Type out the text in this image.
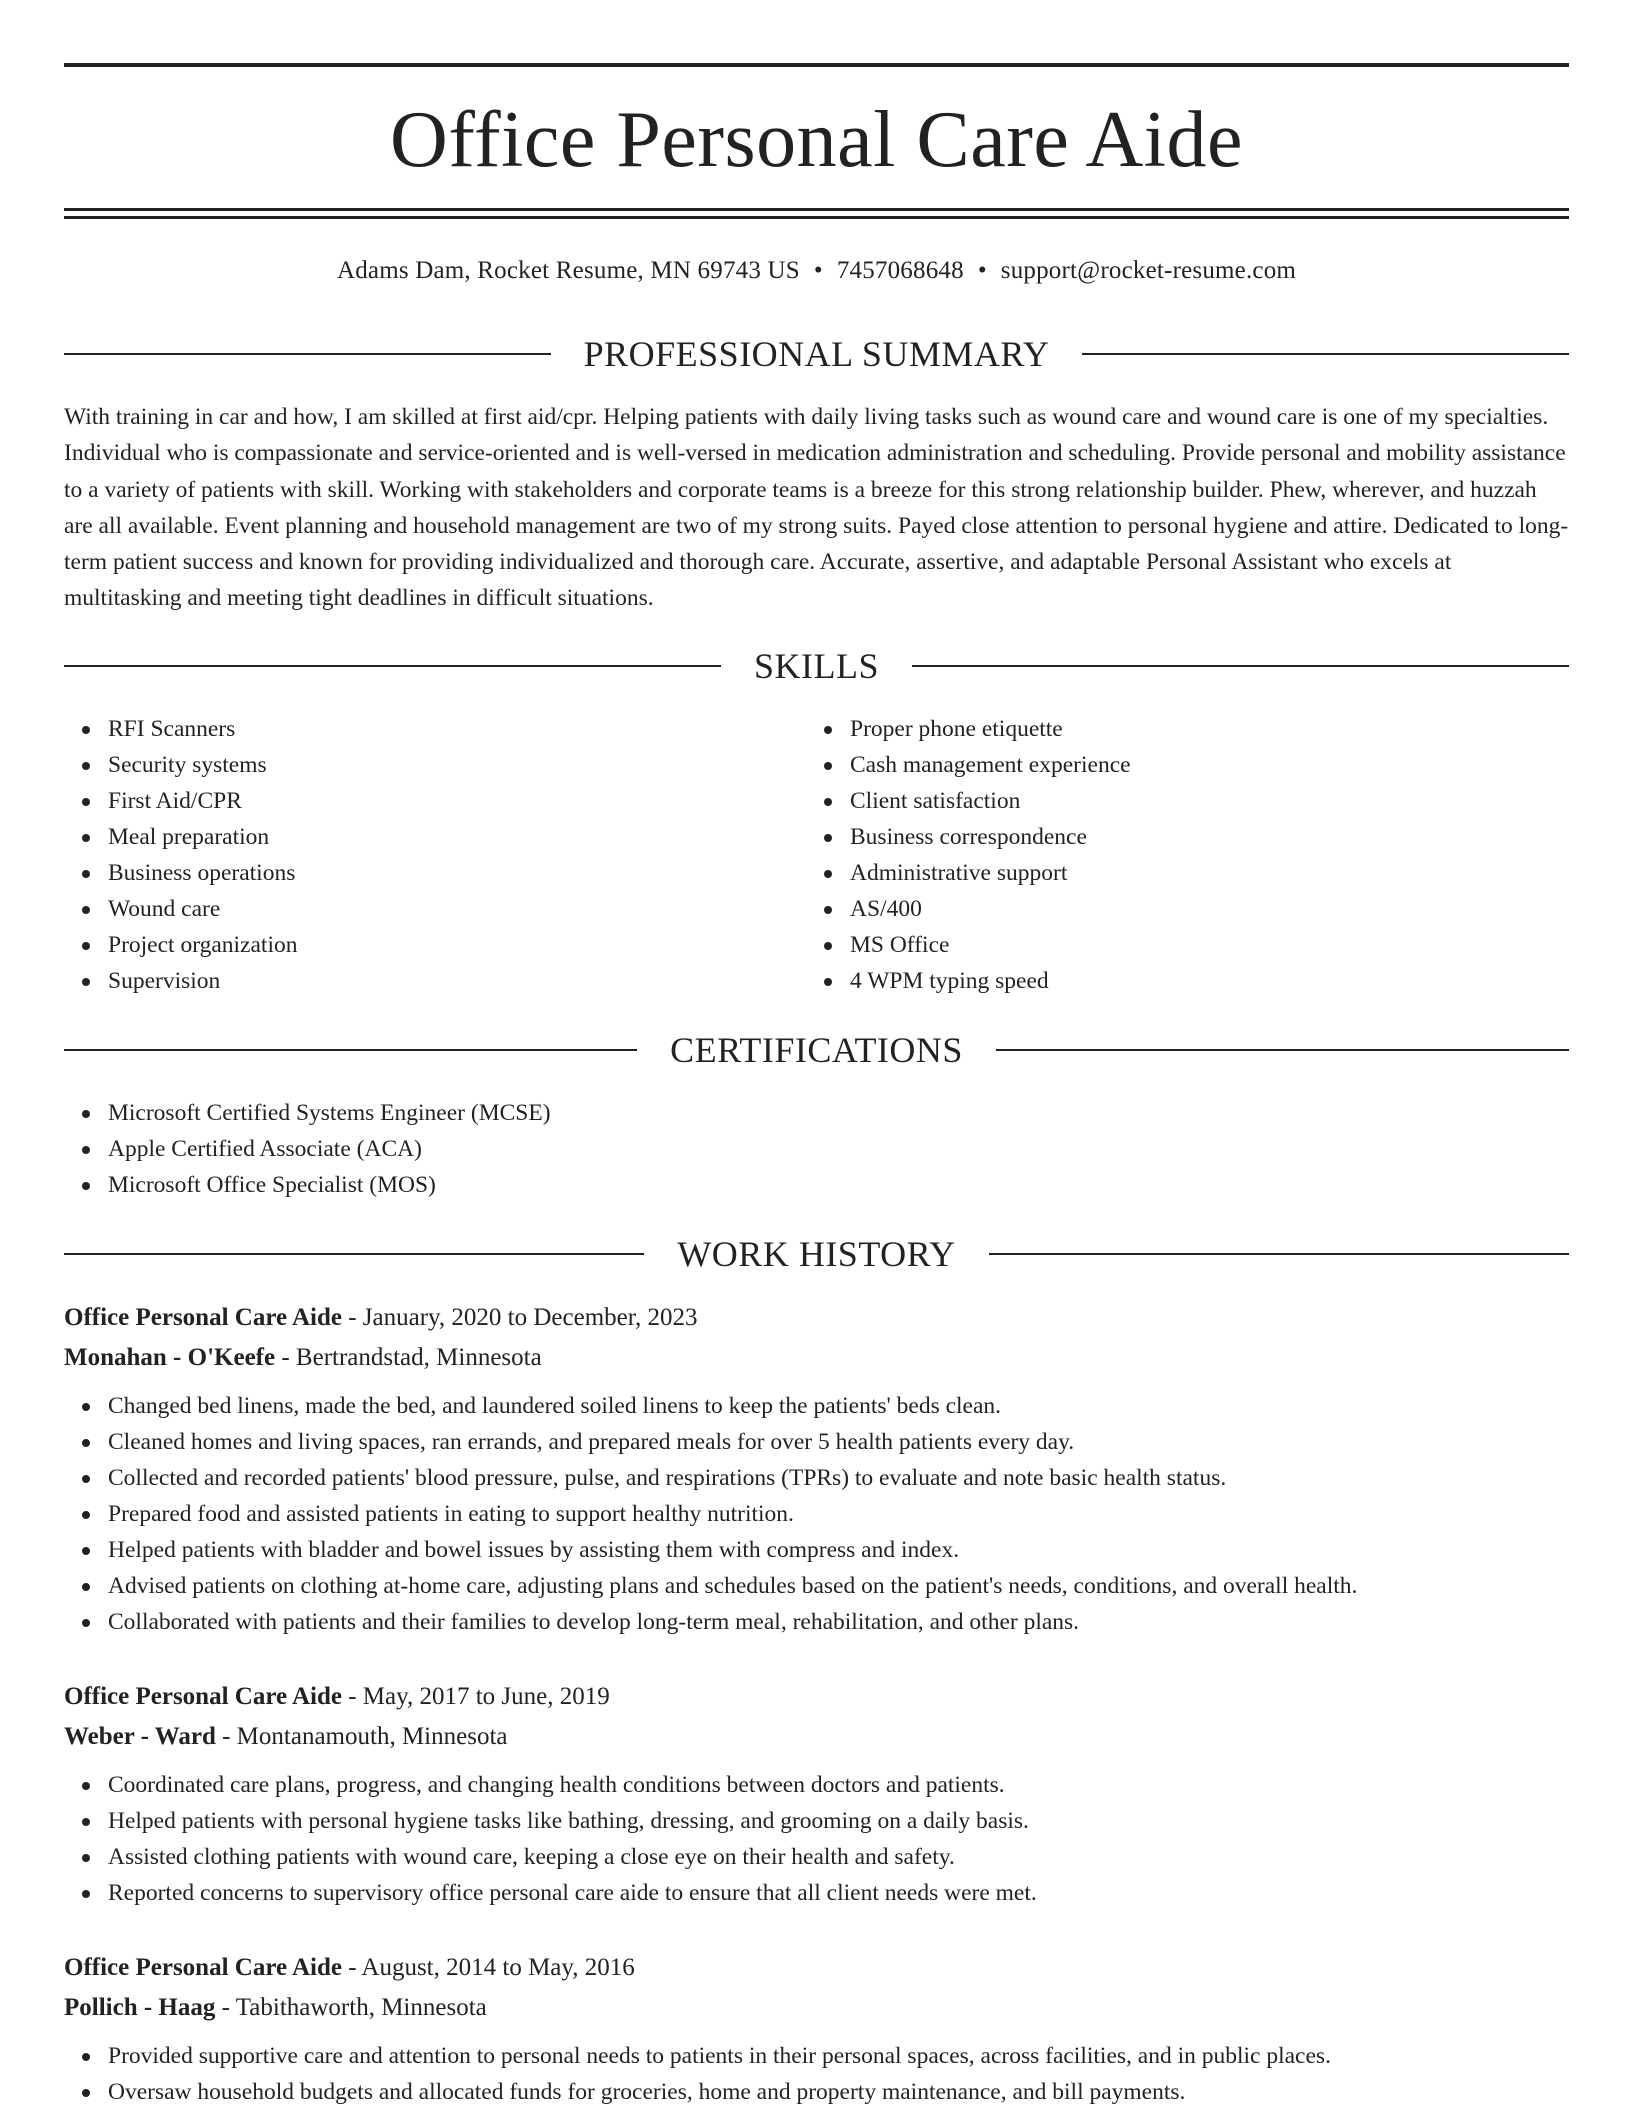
Office Personal Care Aide
Adams Dam, Rocket Resume, MN 69743 US • 7457068648 • support@rocket-resume.com
PROFESSIONAL SUMMARY

With training in car and how, I am skilled at first aid/cpr. Helping patients with daily living tasks such as wound care and wound care is one of my specialties. Individual who is compassionate and service-oriented and is well-versed in medication administration and scheduling. Provide personal and mobility assistance to a variety of patients with skill. Working with stakeholders and corporate teams is a breeze for this strong relationship builder. Phew, wherever, and huzzah are all available. Event planning and household management are two of my strong suits. Payed close attention to personal hygiene and attire. Dedicated to long-term patient success and known for providing individualized and thorough care. Accurate, assertive, and adaptable Personal Assistant who excels at multitasking and meeting tight deadlines in difficult situations.

SKILLS
RFI Scanners
Security systems
First Aid/CPR
Meal preparation
Business operations
Wound care
Project organization
Supervision
Proper phone etiquette
Cash management experience
Client satisfaction
Business correspondence
Administrative support
AS/400
MS Office
4 WPM typing speed
CERTIFICATIONS
Microsoft Certified Systems Engineer (MCSE)
Apple Certified Associate (ACA)
Microsoft Office Specialist (MOS)
WORK HISTORY
Office Personal Care Aide - January, 2020 to December, 2023
Monahan - O'Keefe - Bertrandstad, Minnesota
Changed bed linens, made the bed, and laundered soiled linens to keep the patients' beds clean.
Cleaned homes and living spaces, ran errands, and prepared meals for over 5 health patients every day.
Collected and recorded patients' blood pressure, pulse, and respirations (TPRs) to evaluate and note basic health status.
Prepared food and assisted patients in eating to support healthy nutrition.
Helped patients with bladder and bowel issues by assisting them with compress and index.
Advised patients on clothing at-home care, adjusting plans and schedules based on the patient's needs, conditions, and overall health.
Collaborated with patients and their families to develop long-term meal, rehabilitation, and other plans.
Office Personal Care Aide - May, 2017 to June, 2019
Weber - Ward - Montanamouth, Minnesota
Coordinated care plans, progress, and changing health conditions between doctors and patients.
Helped patients with personal hygiene tasks like bathing, dressing, and grooming on a daily basis.
Assisted clothing patients with wound care, keeping a close eye on their health and safety.
Reported concerns to supervisory office personal care aide to ensure that all client needs were met.
Office Personal Care Aide - August, 2014 to May, 2016
Pollich - Haag - Tabithaworth, Minnesota
Provided supportive care and attention to personal needs to patients in their personal spaces, across facilities, and in public places.
Oversaw household budgets and allocated funds for groceries, home and property maintenance, and bill payments.
